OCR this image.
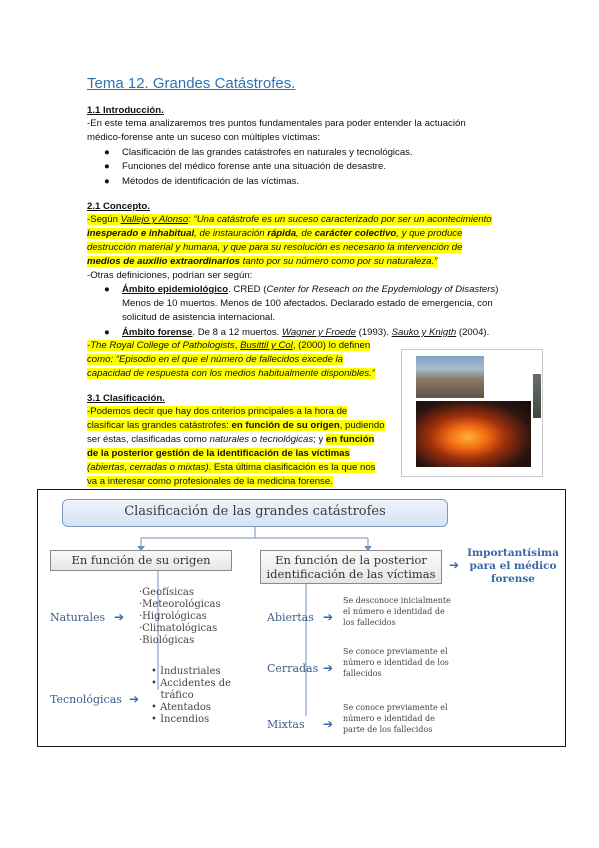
Tema 12. Grandes Catástrofes.
1.1 Introducción.
-En este tema analizaremos tres puntos fundamentales para poder entender la actuación
médico-forense ante un suceso con múltiples víctimas:
● Clasificación de las grandes catástrofes en naturales y tecnológicas.
● Funciones del médico forense ante una situación de desastre.
● Métodos de identificación de las víctimas.
2.1 Concepto.
-Según Vallejo y Alonso: “Una catástrofe es un suceso caracterizado por ser un acontecimiento
inesperado e inhabitual, de instauración rápida, de carácter colectivo, y que produce
destrucción material y humana, y que para su resolución es necesario la intervención de
medios de auxilio extraordinarios tanto por su número como por su naturaleza.”
-Otras definiciones, podrían ser según:
● Ámbito epidemiológico. CRED (Center for Reseach on the Epydemiology of Disasters)
Menos de 10 muertos. Menos de 100 afectados. Declarado estado de emergencia, con
solicitud de asistencia internacional.
● Ámbito forense. De 8 a 12 muertos. Wagner y Froede (1993). Sauko y Knigth (2004).
-The Royal College of Pathologists, Busittil y Col, (2000) lo definen
como: “Episodio en el que el número de fallecidos excede la
capacidad de respuesta con los medios habitualmente disponibles.”
3.1 Clasificación.
-Podemos decir que hay dos criterios principales a la hora de
clasificar las grandes catástrofes: en función de su origen, pudiendo
ser éstas, clasificadas como naturales o tecnológicas; y en función
de la posterior gestión de la identificación de las víctimas
(abiertas, cerradas o mixtas). Esta última clasificación es la que nos
va a interesar como profesionales de la medicina forense.
Clasificación de las grandes catástrofes
En función de su origen	En función de la posterior
identificación de las víctimas
➔
Importantísima
para el médico
forense
Naturales ➔
·Geofísicas
·Meteorológicas
·Higrológicas
·Climatológicas
·Biológicas
Tecnológicas ➔
• Industriales
• Accidentes de
tráfico
• Atentados
• Incendios
Abiertas ➔
Se desconoce inicialmente
el número e identidad de
los fallecidos
Cerradas ➔
Se conoce previamente el
número e identidad de los
fallecidos
Mixtas ➔
Se conoce previamente el
número e identidad de
parte de los fallecidos
